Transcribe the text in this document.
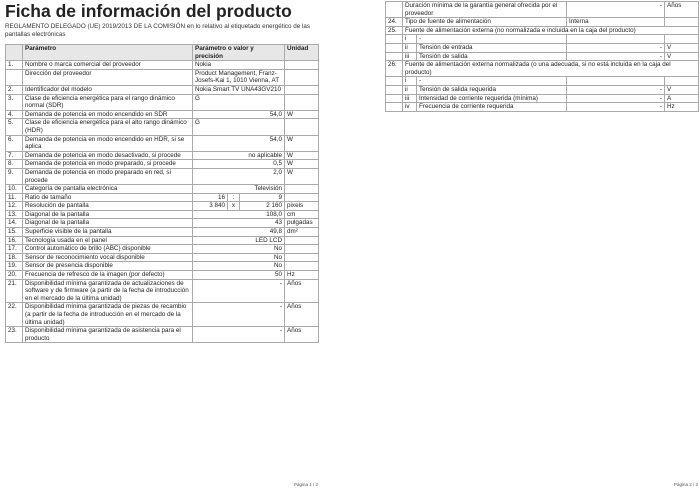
Ficha de información del producto
REGLAMENTO DELEGADO (UE) 2019/2013 DE LA COMISIÓN en lo relativo al etiquetado energético de las pantallas electrónicas
	Parámetro	Parámetro o valor y precisión			Unidad
1.	Nombre o marca comercial del proveedor	Nokia			
	Dirección del proveedor	Product Management, Franz-Josefs-Kai 1, 1010 Vienna, AT			
2.	Identificador del modelo	Nokia Smart TV UNA43GV210			
3.	Clase de eficiencia energética para el rango dinámico normal (SDR)	G			
4.	Demanda de potencia en modo encendido en SDR	54,0			W
5.	Clase de eficiencia energética para el alto rango dinámico (HDR)	G			
6.	Demanda de potencia en modo encendido en HDR, si se aplica	54,0			W
7.	Demanda de potencia en modo desactivado, si procede	no aplicable			W
8.	Demanda de potencia en modo preparado, si procede	0,5			W
9.	Demanda de potencia en modo preparado en red, si procede	2,0			W
10.	Categoría de pantalla electrónica	Televisión			
11.	Ratio de tamaño	16	:	9	
12.	Resolución de pantalla	3 840	x	2 160	pixels
13.	Diagonal de la pantalla	108,0			cm
14.	Diagonal de la pantalla	43			pulgadas
15.	Superficie visible de la pantalla	49,8			dm²
16.	Tecnología usada en el panel	LED LCD			
17.	Control automático de brillo (ABC) disponible	No			
18.	Sensor de reconocimiento vocal disponible	No			
19.	Sensor de presencia disponible	No			
20.	Frecuencia de refresco de la imagen (por defecto)	50			Hz
21.	Disponibilidad mínima garantizada de actualizaciones de software y de firmware (a partir de la fecha de introducción en el mercado de la última unidad)	-			Años
22.	Disponibilidad mínima garantizada de piezas de recambio (a partir de la fecha de introducción en el mercado de la última unidad)	-			Años
23.	Disponibilidad mínima garantizada de asistencia para el producto	-			Años
Página 1 / 2
	Duración mínima de la garantía general ofrecida por el proveedor		-	Años
24.	Tipo de fuente de alimentación		Interna	
25.	Fuente de alimentación externa (no normalizada e incluida en la caja del producto)			
	i	-		
	ii	Tensión de entrada	-	V
	iii	Tensión de salida	-	V
26.	Fuente de alimentación externa normalizada (o una adecuada, si no está incluida en la caja del producto)			
	i	-		
	ii	Tensión de salida requerida	-	V
	iii	Intensidad de corriente requerida (mínima)	-	A
	iv	Frecuencia de corriente requerida	-	Hz
Página 2 / 2
